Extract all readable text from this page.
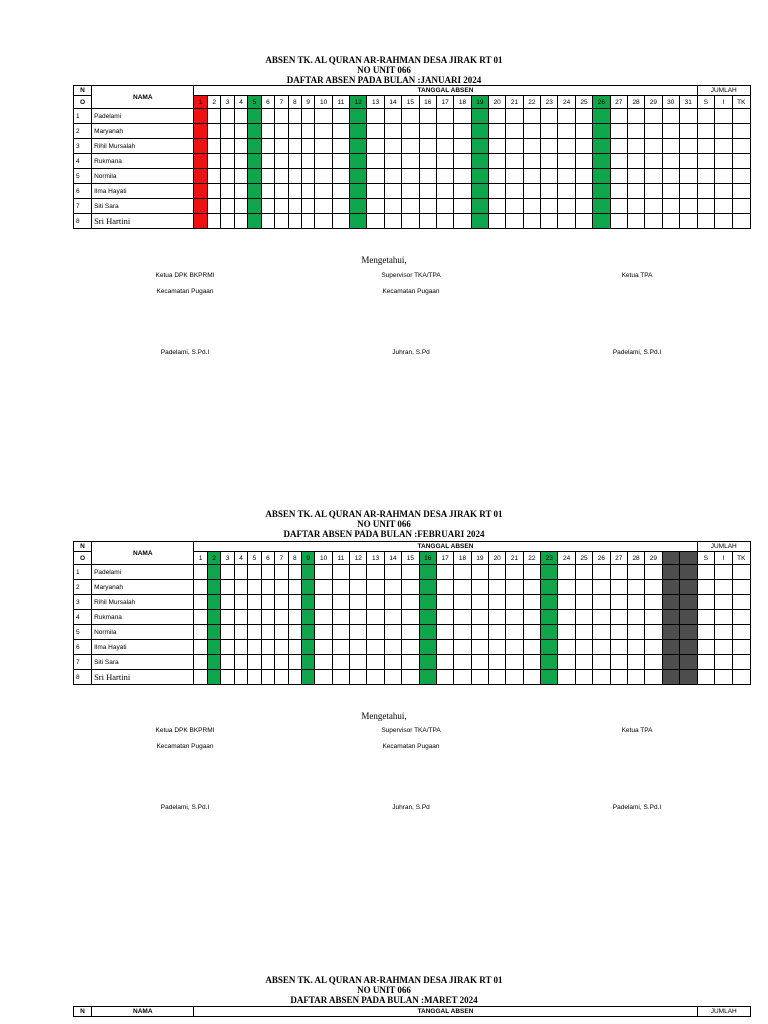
ABSEN TK. AL QURAN AR-RAHMAN DESA JIRAK RT 01
NO UNIT 066
DAFTAR ABSEN PADA BULAN :JANUARI 2024
N	NAMA	TANGGAL ABSEN																															JUMLAH		
O		1	2	3	4	5	6	7	8	9	10	11	12	13	14	15	16	17	18	19	20	21	22	23	24	25	26	27	28	29	30	31	S	I	TK
1	Padelami																																		
2	Maryanah																																		
3	Rihil Mursalah																																		
4	Rukmana																																		
5	Normila																																		
6	Ilma Hayati																																		
7	Siti Sara																																		
8	Sri Hartini																																		
Mengetahui,
Ketua DPK BKPRMI
Kecamatan Pugaan
Supervisor TKA/TPA
Kecamatan Pugaan
Ketua TPA
Padelami, S.Pd.I	Juhran, S.Pd	Padelami, S.Pd.I
ABSEN TK. AL QURAN AR-RAHMAN DESA JIRAK RT 01
NO UNIT 066
DAFTAR ABSEN PADA BULAN :FEBRUARI 2024
N	NAMA	TANGGAL ABSEN																															JUMLAH		
O		1	2	3	4	5	6	7	8	9	10	11	12	13	14	15	16	17	18	19	20	21	22	23	24	25	26	27	28	29			S	I	TK
1	Padelami																																		
2	Maryanah																																		
3	Rihil Mursalah																																		
4	Rukmana																																		
5	Normila																																		
6	Ilma Hayati																																		
7	Siti Sara																																		
8	Sri Hartini																																		
Mengetahui,
Ketua DPK BKPRMI
Kecamatan Pugaan
Supervisor TKA/TPA
Kecamatan Pugaan
Ketua TPA
Padelami, S.Pd.I	Juhran, S.Pd	Padelami, S.Pd.I
ABSEN TK. AL QURAN AR-RAHMAN DESA JIRAK RT 01
NO UNIT 066
DAFTAR ABSEN PADA BULAN :MARET 2024
N	NAMA	TANGGAL ABSEN	JUMLAH
